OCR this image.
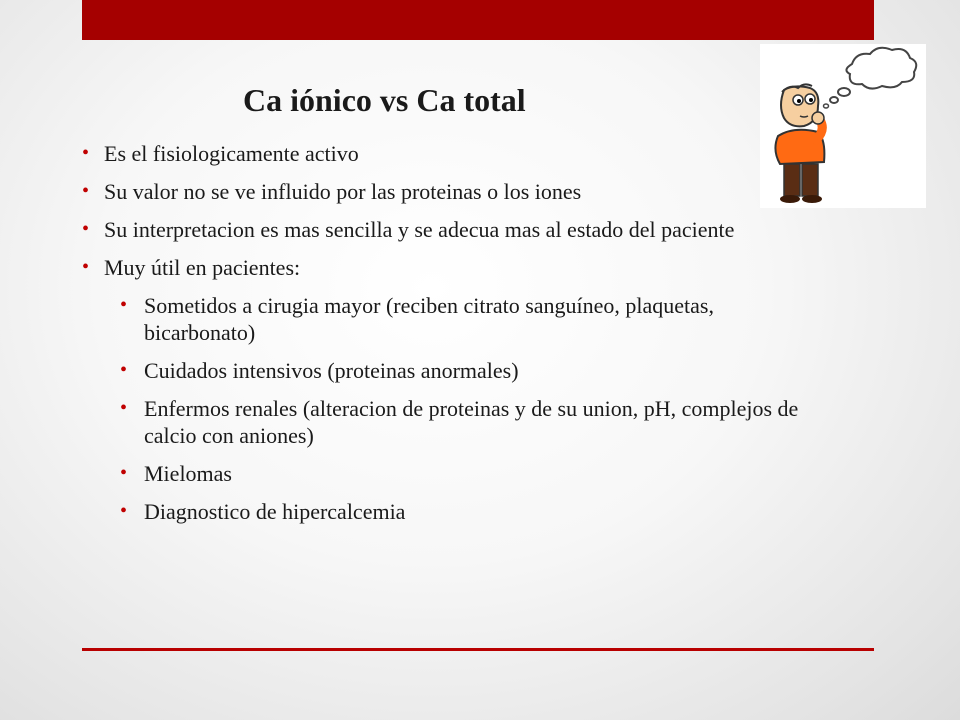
Ca iónico vs Ca total
• Es el fisiologicamente activo
• Su valor no se ve influido por las proteinas o los iones
• Su interpretacion es mas sencilla y se adecua mas al estado del paciente
• Muy útil en pacientes:
• Sometidos a cirugia mayor (reciben citrato sanguíneo, plaquetas, bicarbonato)
• Cuidados intensivos (proteinas anormales)
• Enfermos renales (alteracion de proteinas y de su union, pH, complejos de calcio con aniones)
• Mielomas
• Diagnostico de hipercalcemia
